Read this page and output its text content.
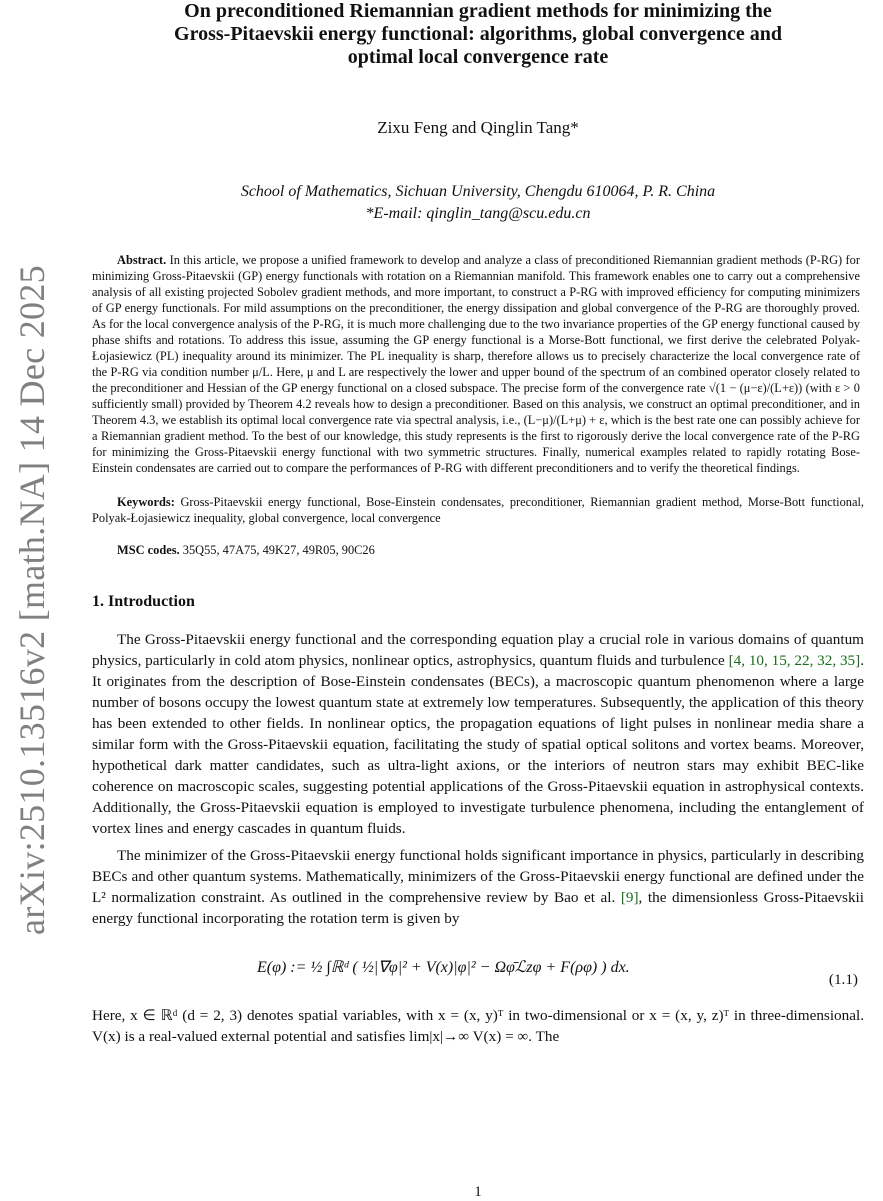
arXiv:2510.13516v2 [math.NA] 14 Dec 2025
On preconditioned Riemannian gradient methods for minimizing the
Gross-Pitaevskii energy functional: algorithms, global convergence and
optimal local convergence rate
Zixu Feng and Qinglin Tang*
School of Mathematics, Sichuan University, Chengdu 610064, P. R. China
*E-mail: qinglin_tang@scu.edu.cn
Abstract. In this article, we propose a unified framework to develop and analyze a class of preconditioned Riemannian gradient methods (P-RG) for minimizing Gross-Pitaevskii (GP) energy functionals with rotation on a Riemannian manifold. This framework enables one to carry out a comprehensive analysis of all existing projected Sobolev gradient methods, and more important, to construct a P-RG with improved efficiency for computing minimizers of GP energy functionals. For mild assumptions on the preconditioner, the energy dissipation and global convergence of the P-RG are thoroughly proved. As for the local convergence analysis of the P-RG, it is much more challenging due to the two invariance properties of the GP energy functional caused by phase shifts and rotations. To address this issue, assuming the GP energy functional is a Morse-Bott functional, we first derive the celebrated Polyak-Łojasiewicz (PL) inequality around its minimizer. The PL inequality is sharp, therefore allows us to precisely characterize the local convergence rate of the P-RG via condition number μ/L. Here, μ and L are respectively the lower and upper bound of the spectrum of an combined operator closely related to the preconditioner and Hessian of the GP energy functional on a closed subspace. The precise form of the convergence rate √(1 − (μ−ε)/(L+ε)) (with ε > 0 sufficiently small) provided by Theorem 4.2 reveals how to design a preconditioner. Based on this analysis, we construct an optimal preconditioner, and in Theorem 4.3, we establish its optimal local convergence rate via spectral analysis, i.e., (L−μ)/(L+μ) + ε, which is the best rate one can possibly achieve for a Riemannian gradient method. To the best of our knowledge, this study represents is the first to rigorously derive the local convergence rate of the P-RG for minimizing the Gross-Pitaevskii energy functional with two symmetric structures. Finally, numerical examples related to rapidly rotating Bose-Einstein condensates are carried out to compare the performances of P-RG with different preconditioners and to verify the theoretical findings.
Keywords: Gross-Pitaevskii energy functional, Bose-Einstein condensates, preconditioner, Riemannian gradient method, Morse-Bott functional, Polyak-Łojasiewicz inequality, global convergence, local convergence
MSC codes. 35Q55, 47A75, 49K27, 49R05, 90C26
1. Introduction

The Gross-Pitaevskii energy functional and the corresponding equation play a crucial role in various domains of quantum physics, particularly in cold atom physics, nonlinear optics, astrophysics, quantum fluids and turbulence [4, 10, 15, 22, 32, 35]. It originates from the description of Bose-Einstein condensates (BECs), a macroscopic quantum phenomenon where a large number of bosons occupy the lowest quantum state at extremely low temperatures. Subsequently, the application of this theory has been extended to other fields. In nonlinear optics, the propagation equations of light pulses in nonlinear media share a similar form with the Gross-Pitaevskii equation, facilitating the study of spatial optical solitons and vortex beams. Moreover, hypothetical dark matter candidates, such as ultra-light axions, or the interiors of neutron stars may exhibit BEC-like coherence on macroscopic scales, suggesting potential applications of the Gross-Pitaevskii equation in astrophysical contexts. Additionally, the Gross-Pitaevskii equation is employed to investigate turbulence phenomena, including the entanglement of vortex lines and energy cascades in quantum fluids.

The minimizer of the Gross-Pitaevskii energy functional holds significant importance in physics, particularly in describing BECs and other quantum systems. Mathematically, minimizers of the Gross-Pitaevskii energy functional are defined under the L² normalization constraint. As outlined in the comprehensive review by Bao et al. [9], the dimensionless Gross-Pitaevskii energy functional incorporating the rotation term is given by

E(φ) := ½ ∫ℝᵈ ( ½|∇φ|² + V(x)|φ|² − Ωφ̄ℒzφ + F(ρφ) ) dx.
(1.1)
Here, x ∈ ℝᵈ (d = 2, 3) denotes spatial variables, with x = (x, y)ᵀ in two-dimensional or x = (x, y, z)ᵀ in three-dimensional. V(x) is a real-valued external potential and satisfies lim|x|→∞ V(x) = ∞. The
1
